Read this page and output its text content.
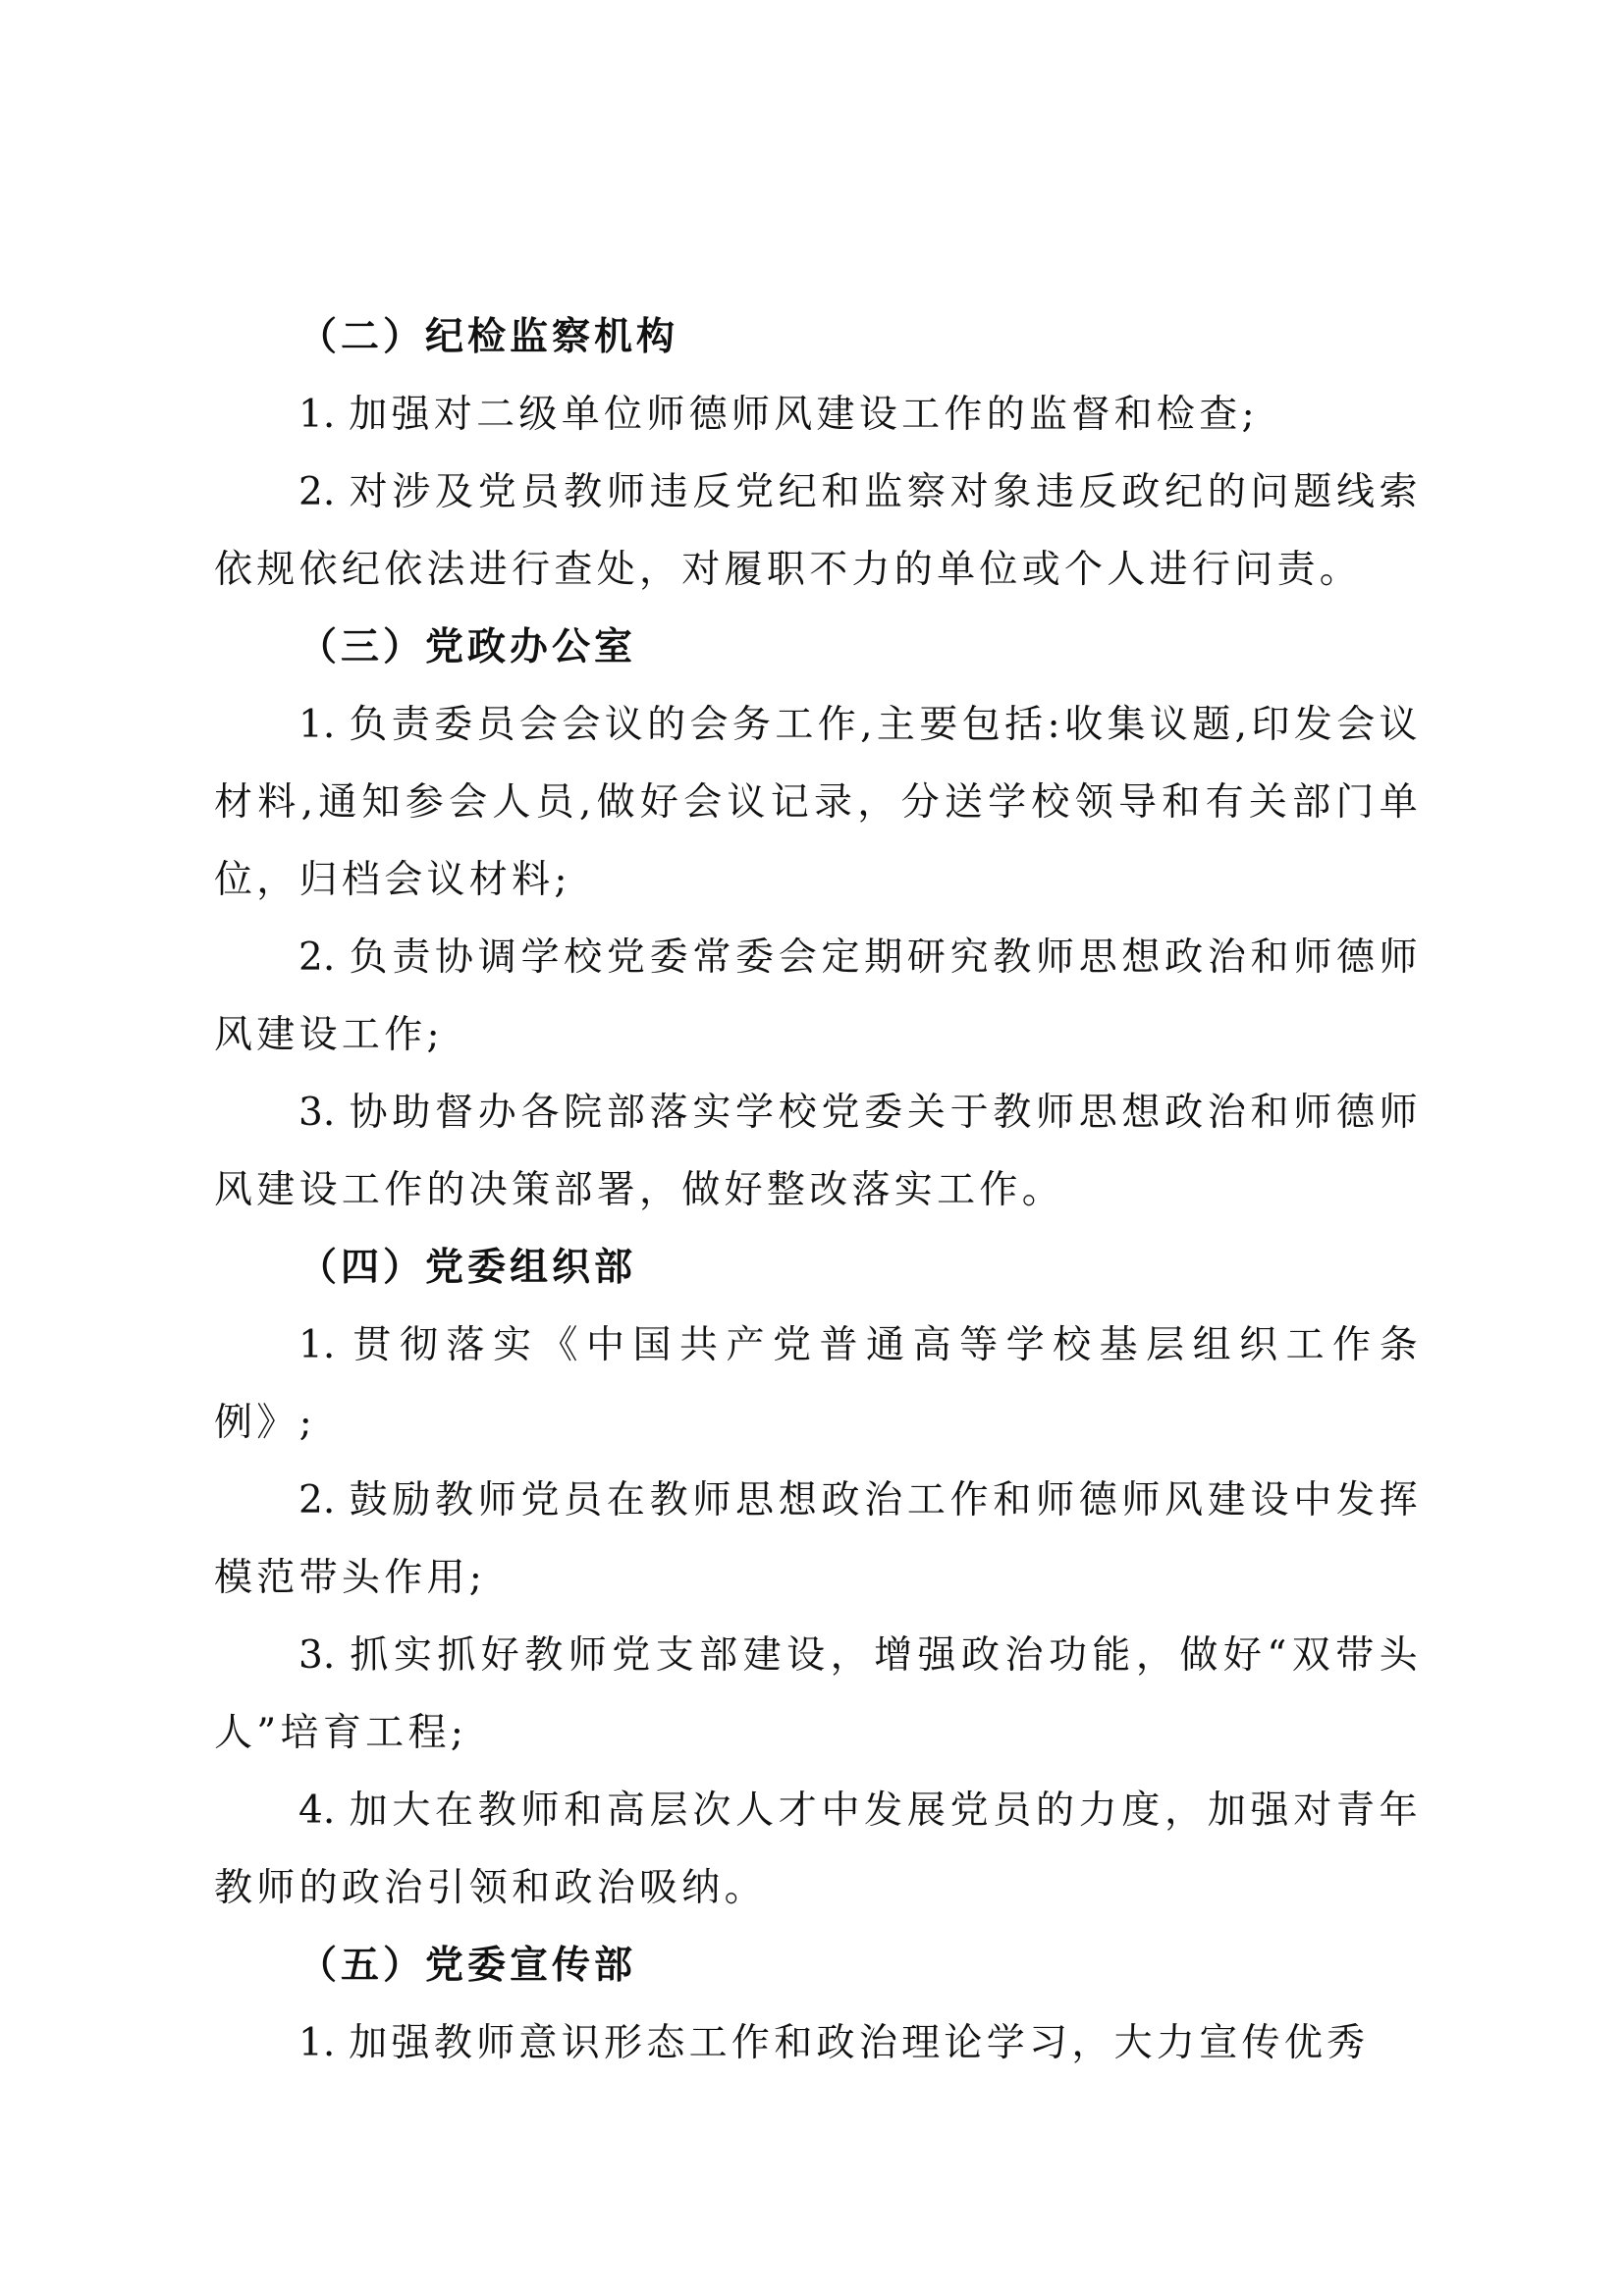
（二）纪检监察机构

1. 加强对二级单位师德师风建设工作的监督和检查;

2. 对涉及党员教师违反党纪和监察对象违反政纪的问题线索依规依纪依法进行查处，对履职不力的单位或个人进行问责。

（三）党政办公室

1. 负责委员会会议的会务工作,主要包括:收集议题,印发会议材料,通知参会人员,做好会议记录，分送学校领导和有关部门单位，归档会议材料;

2. 负责协调学校党委常委会定期研究教师思想政治和师德师风建设工作;

3. 协助督办各院部落实学校党委关于教师思想政治和师德师风建设工作的决策部署，做好整改落实工作。

（四）党委组织部

1. 贯彻落实《中国共产党普通高等学校基层组织工作条例》;

2. 鼓励教师党员在教师思想政治工作和师德师风建设中发挥模范带头作用;

3. 抓实抓好教师党支部建设，增强政治功能，做好“双带头人”培育工程;

4. 加大在教师和高层次人才中发展党员的力度，加强对青年教师的政治引领和政治吸纳。

（五）党委宣传部

1. 加强教师意识形态工作和政治理论学习，大力宣传优秀
